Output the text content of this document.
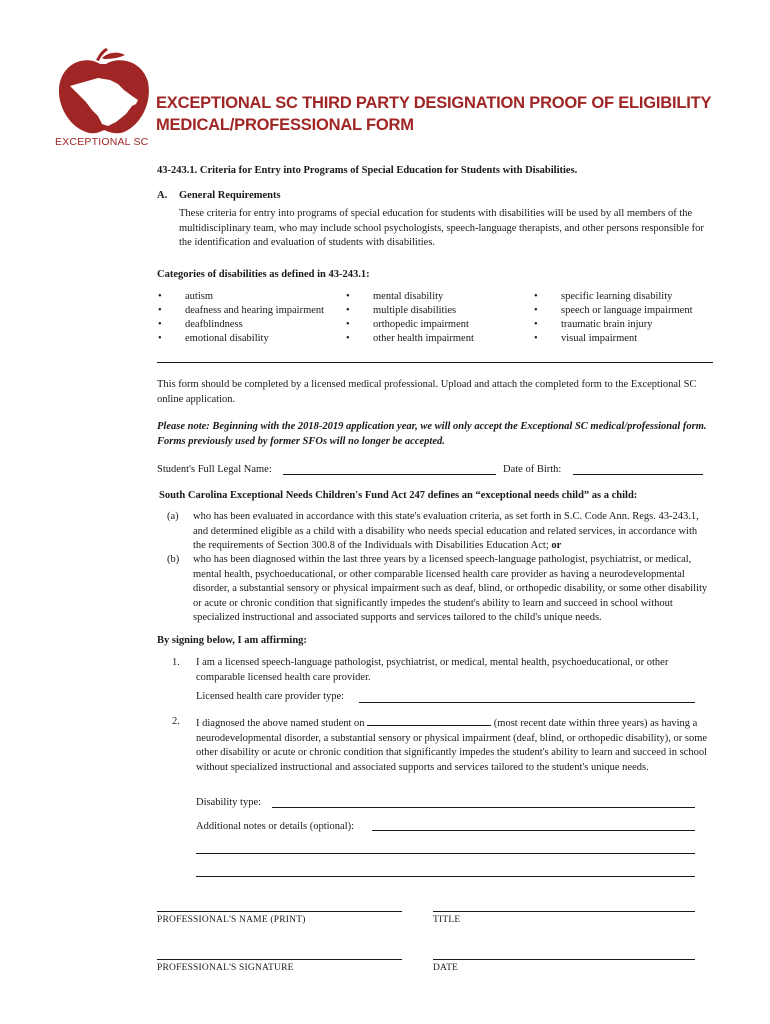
EXCEPTIONAL SC
EXCEPTIONAL SC THIRD PARTY DESIGNATION PROOF OF ELIGIBILITY MEDICAL/PROFESSIONAL FORM
43-243.1. Criteria for Entry into Programs of Special Education for Students with Disabilities.
A. General Requirements
These criteria for entry into programs of special education for students with disabilities will be used by all members of the multidisciplinary team, who may include school psychologists, speech-language therapists, and other persons responsible for the identification and evaluation of students with disabilities.
Categories of disabilities as defined in 43-243.1:
• autism
• deafness and hearing impairment
• deafblindness
• emotional disability
• mental disability
• multiple disabilities
• orthopedic impairment
• other health impairment
• specific learning disability
• speech or language impairment
• traumatic brain injury
• visual impairment
This form should be completed by a licensed medical professional. Upload and attach the completed form to the Exceptional SC online application.
Please note: Beginning with the 2018-2019 application year, we will only accept the Exceptional SC medical/professional form. Forms previously used by former SFOs will no longer be accepted.
Student's Full Legal Name:	Date of Birth:
South Carolina Exceptional Needs Children's Fund Act 247 defines an “exceptional needs child” as a child:
(a) who has been evaluated in accordance with this state's evaluation criteria, as set forth in S.C. Code Ann. Regs. 43-243.1, and determined eligible as a child with a disability who needs special education and related services, in accordance with the requirements of Section 300.8 of the Individuals with Disabilities Education Act; or
(b) who has been diagnosed within the last three years by a licensed speech-language pathologist, psychiatrist, or medical, mental health, psychoeducational, or other comparable licensed health care provider as having a neurodevelopmental disorder, a substantial sensory or physical impairment such as deaf, blind, or orthopedic disability, or some other disability or acute or chronic condition that significantly impedes the student's ability to learn and succeed in school without specialized instructional and associated supports and services tailored to the child's unique needs.
By signing below, I am affirming:
1. I am a licensed speech-language pathologist, psychiatrist, or medical, mental health, psychoeducational, or other comparable licensed health care provider.
Licensed health care provider type:
2. I diagnosed the above named student on	(most recent date within three years) as having a neurodevelopmental disorder, a substantial sensory or physical impairment (deaf, blind, or orthopedic disability), or some other disability or acute or chronic condition that significantly impedes the student's ability to learn and succeed in school without specialized instructional and associated supports and services tailored to the student's unique needs.
Disability type:
Additional notes or details (optional):
PROFESSIONAL'S NAME (PRINT)	TITLE
PROFESSIONAL'S SIGNATURE	DATE
